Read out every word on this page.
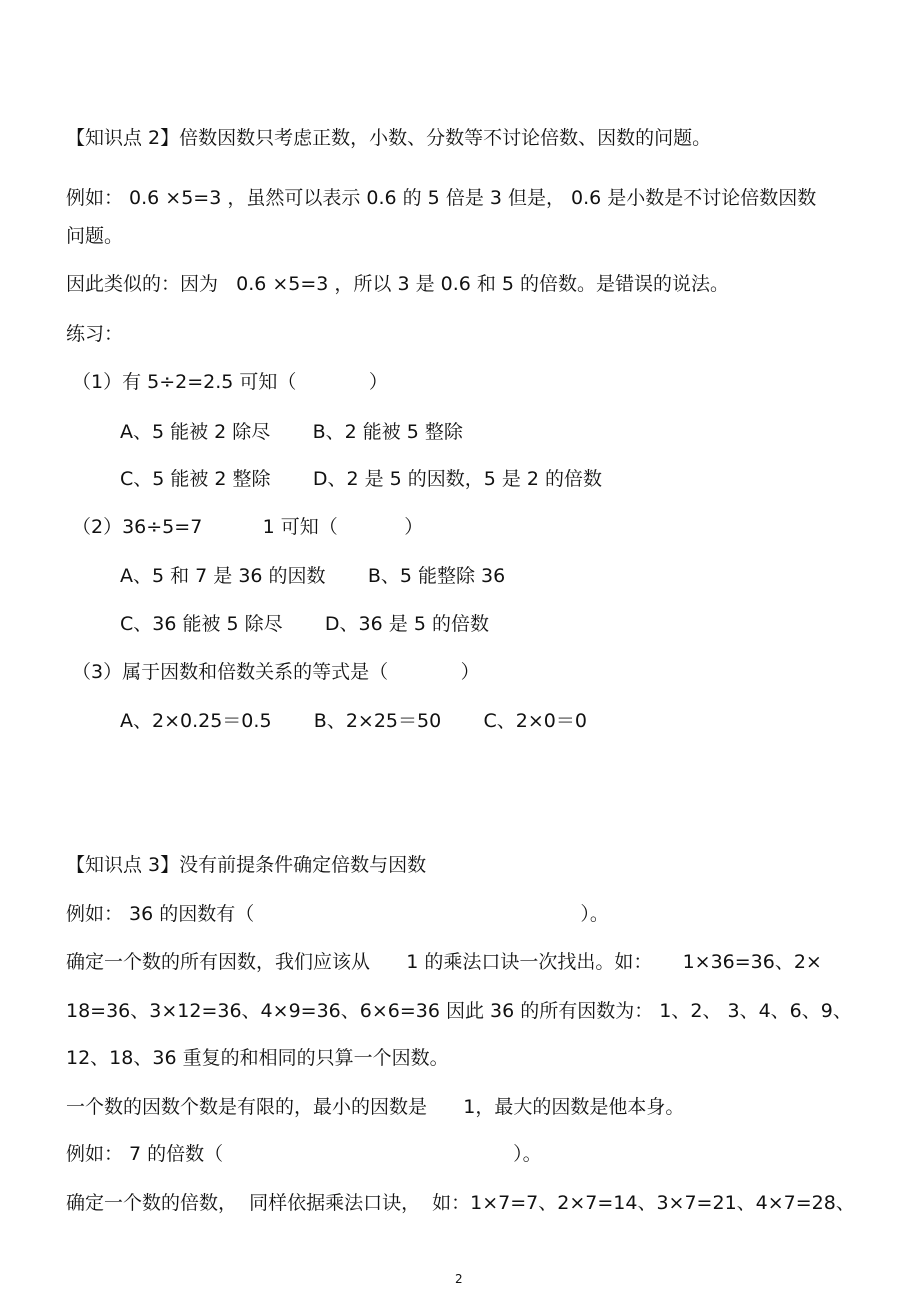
【知识点 2】倍数因数只考虑正数，小数、分数等不讨论倍数、因数的问题。
例如： 0.6 ×5=3 ，虽然可以表示 0.6 的 5 倍是 3 但是， 0.6 是小数是不讨论倍数因数
问题。
因此类似的：因为   0.6 ×5=3 ，所以 3 是 0.6 和 5 的倍数。是错误的说法。
练习：
（1）有 5÷2=2.5 可知（            ）
A、5 能被 2 除尽       B、2 能被 5 整除
C、5 能被 2 整除       D、2 是 5 的因数，5 是 2 的倍数
（2）36÷5=7          1 可知（           ）
A、5 和 7 是 36 的因数       B、5 能整除 36
C、36 能被 5 除尽       D、36 是 5 的倍数
（3）属于因数和倍数关系的等式是（            ）
A、2×0.25＝0.5       B、2×25＝50       C、2×0＝0
【知识点 3】没有前提条件确定倍数与因数
例如： 36 的因数有（                                                      ）。
确定一个数的所有因数，我们应该从      1 的乘法口诀一次找出。如：     1×36=36、2×
18=36、3×12=36、4×9=36、6×6=36 因此 36 的所有因数为： 1、2、 3、4、6、9、
12、18、36 重复的和相同的只算一个因数。
一个数的因数个数是有限的，最小的因数是      1，最大的因数是他本身。
例如： 7 的倍数（                                                ）。
确定一个数的倍数，  同样依据乘法口诀，  如：1×7=7、2×7=14、3×7=21、4×7=28、
2
